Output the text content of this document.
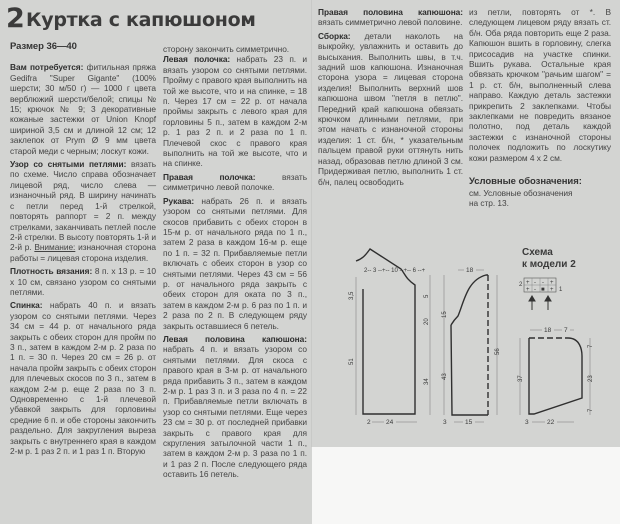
2 Куртка с капюшоном

Размер 36—40

Вам потребуется: фитильная пряжа Gedifra "Super Gigante" (100% шерсти; 30 м/50 г) — 1000 г цвета верблюжий шерсти/белой; спицы № 15; крючок № 9; 3 декоративные кожаные застежки от Union Knopf шириной 3,5 см и длиной 12 см; 12 заклепок от Prym Ø 9 мм цвета старой меди с черным; лоскут кожи.

Узор со снятыми петлями: вязать по схеме. Число справа обозначает лицевой ряд, число слева — изнаночный ряд. В ширину начинать с петли перед 1-й стрелкой, повторять раппорт = 2 п. между стрелками, заканчивать петлей после 2-й стрелки. В высоту повторять 1-й и 2-й р. Внимание: изнаночная сторона работы = лицевая сторона изделия.

Плотность вязания: 8 п. х 13 р. = 10 х 10 см, связано узором со снятыми петлями.

Спинка: набрать 40 п. и вязать узором со снятыми петлями. Через 34 см = 44 р. от начального ряда закрыть с обеих сторон для пройм по 3 п., затем в каждом 2-м р. 2 раза по 1 п. = 30 п. Через 20 см = 26 р. от начала пройм закрыть с обеих сторон для плечевых скосов по 3 п., затем в каждом 2-м р. еще 2 раза по 3 п. Одновременно с 1-й плечевой убавкой закрыть для горловины средние 6 п. и обе стороны закончить раздельно. Для закругления выреза закрыть с внутреннего края в каждом 2-м р. 1 раз 2 п. и 1 раз 1 п. Вторую

сторону закончить симметрично.

Левая полочка: набрать 23 п. и вязать узором со снятыми петлями. Пройму с правого края выполнить на той же высоте, что и на спинке, = 18 п. Через 17 см = 22 р. от начала проймы закрыть с левого края для горловины 5 п., затем в каждом 2-м р. 1 раз 2 п. и 2 раза по 1 п. Плечевой скос с правого края выполнить на той же высоте, что и на спинке.

Правая полочка:	вязать симметрично левой полочке.

Рукава: набрать 26 п. и вязать узором со снятыми петлями. Для скосов прибавить с обеих сторон в 15-м р. от начального ряда по 1 п., затем 2 раза в каждом 16-м р. еще по 1 п. = 32 п. Прибавляемые петли включать с обеих сторон в узор со снятыми петлями. Через 43 см = 56 р. от начального ряда закрыть с обеих сторон для оката по 3 п., затем в каждом 2-м р. 6 раз по 1 п. и 2 раза по 2 п. В следующем ряду закрыть оставшиеся 6 петель.

Левая половина капюшона: набрать 4 п. и вязать узором со снятыми петлями. Для скоса с правого края в 3-м р. от начального ряда прибавить 3 п., затем в каждом 2-м р. 1 раз 3 п. и 3 раза по 4 п. = 22 п. Прибавляемые петли включать в узор со снятыми петлями. Еще через 23 см = 30 р. от последней прибавки закрыть с правого края для скругления затылочной части 1 п., затем в каждом 2-м р. 3 раза по 1 п. и 1 раз 2 п. После следующего ряда оставить 16 петель.

Правая половина капюшона: вязать симметрично левой половине.

Сборка: детали наколоть на выкройку, увлажнить и оставить до высыхания. Выполнить швы, в т.ч. задний шов капюшона. Изнаночная сторона узора = лицевая сторона изделия! Выполнить верхний шов капюшона швом "петля в петлю". Передний край капюшона обвязать крючком длинными петлями, при этом начать с изнаночной стороны изделия: 1 ст. б/н, * указательным пальцем правой руки оттянуть нить назад, образовав петлю длиной 3 см. Придерживая петлю, выполнить 1 ст. б/н, палец освободить

из петли, повторять от *. В следующем лицевом ряду вязать ст. б/н. Оба ряда повторить еще 2 раза. Капюшон вшить в горловину, слегка присосадив на участке спинки. Вшить рукава. Остальные края обвязать крючком "рачьим шагом" = 1 р. ст. б/н, выполненный слева направо. Каждую деталь застежки прикрепить 2 заклепками. Чтобы заклепками не повредить вязаное полотно, под деталь каждой застежки с изнаночной стороны полочек подложить по лоскутику кожи размером 4 х 2 см.

Условные обозначения:

см. Условные обозначения на стр. 13.

Схема
к модели 2
2
1
+ - - +
+ - ■ +
2-- 3 --+-- 10 --+-- 6 --+
3,5
51
5
20
34
2 24
18
15
43
56
3	15
18 7
37
7
23
7
3	22
